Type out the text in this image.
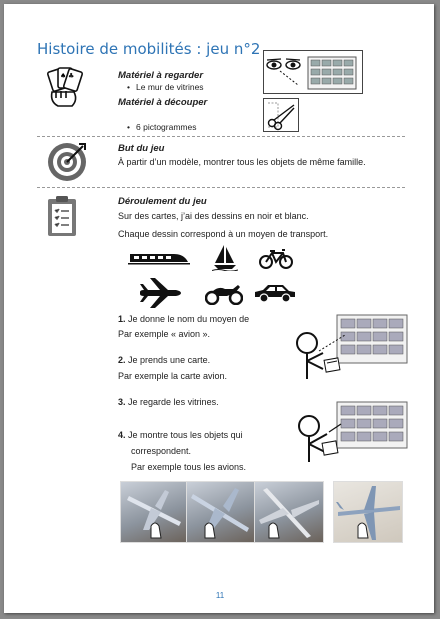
Histoire de mobilités : jeu n°2
♠ ♣	Matériel à regarder
• Le mur de vitrines
Matériel à découper
• 6 pictogrammes
But du jeu
À partir d’un modèle, montrer tous les objets de même famille.
Déroulement du jeu
Sur des cartes, j’ai des dessins en noir et blanc.
Chaque dessin correspond à un moyen de transport.
1. Je donne le nom du moyen de
Par exemple « avion ».
2. Je prends une carte.
Par exemple la carte avion.
3. Je regarde les vitrines.
4. Je montre tous les objets qui
correspondent.
Par exemple tous les avions.
11
